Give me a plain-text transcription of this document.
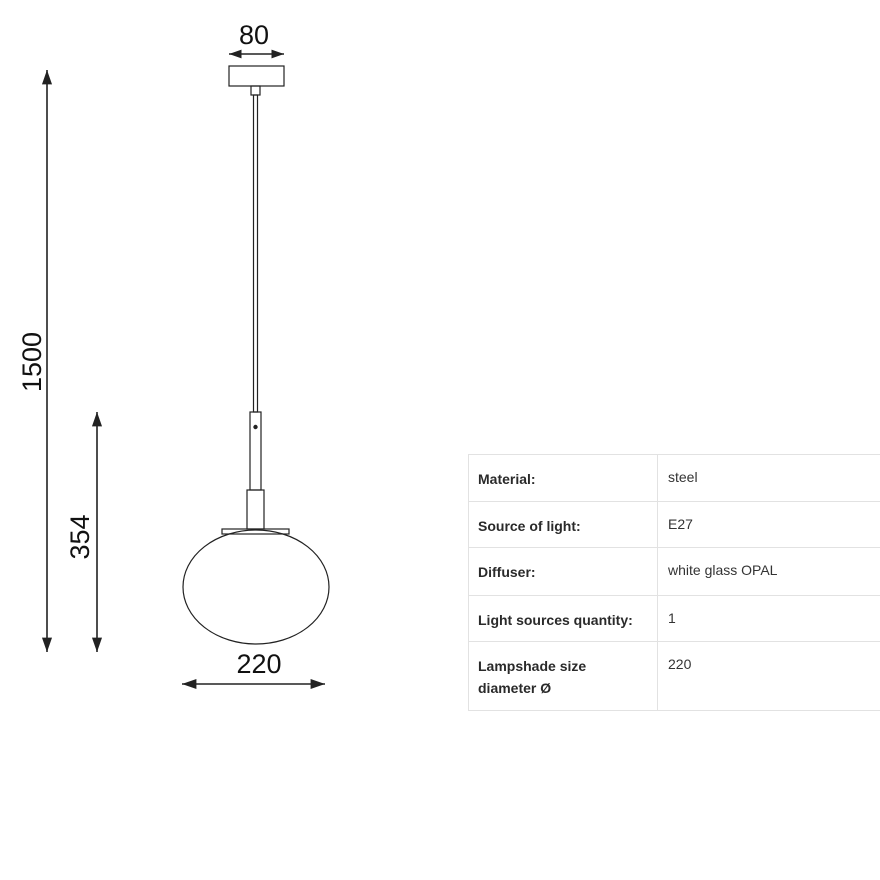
1500
354
80
220
Material:	steel

Source of light:	E27

Diffuser:	white glass OPAL

Light sources quantity:	1

Lampshade size diameter Ø	220
